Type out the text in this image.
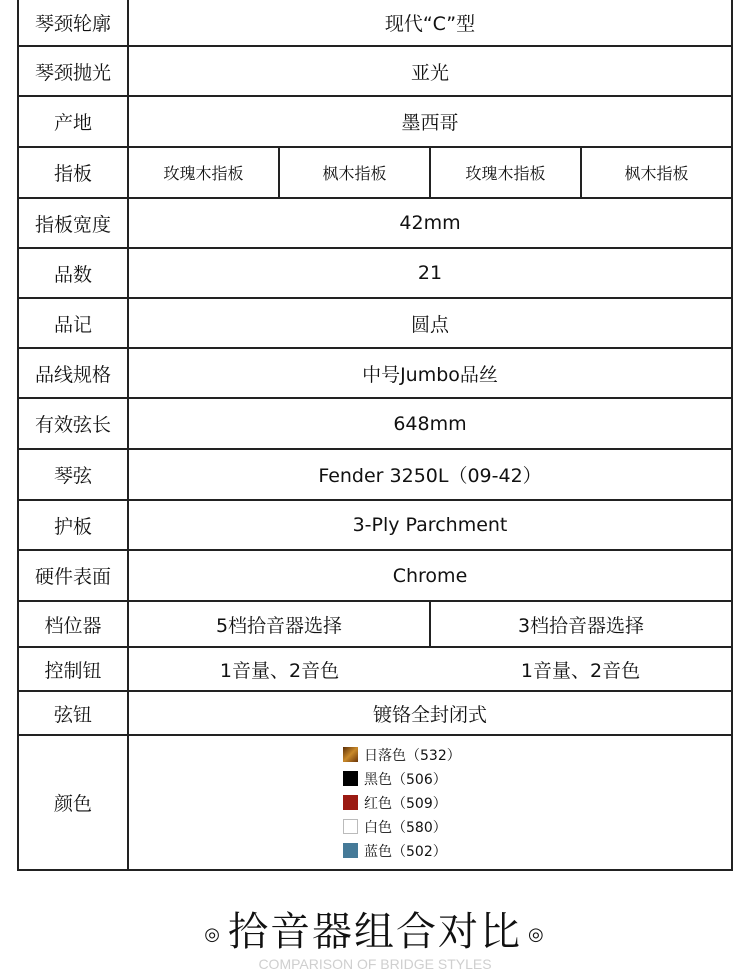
琴颈轮廓	现代“C”型
琴颈抛光	亚光
产地	墨西哥
指板	玫瑰木指板	枫木指板	玫瑰木指板	枫木指板
指板宽度	42mm
品数	21
品记	圆点
品线规格	中号Jumbo品丝
有效弦长	648mm
琴弦	Fender 3250L（09-42）
护板	3-Ply Parchment
硬件表面	Chrome
档位器	5档拾音器选择	3档拾音器选择
控制钮	1音量、2音色	1音量、2音色
弦钮	镀铬全封闭式
颜色
日落色（532）
黑色（506）
红色（509）
白色（580）
蓝色（502）
◎ 拾音器组合对比 ◎
COMPARISON OF BRIDGE STYLES
